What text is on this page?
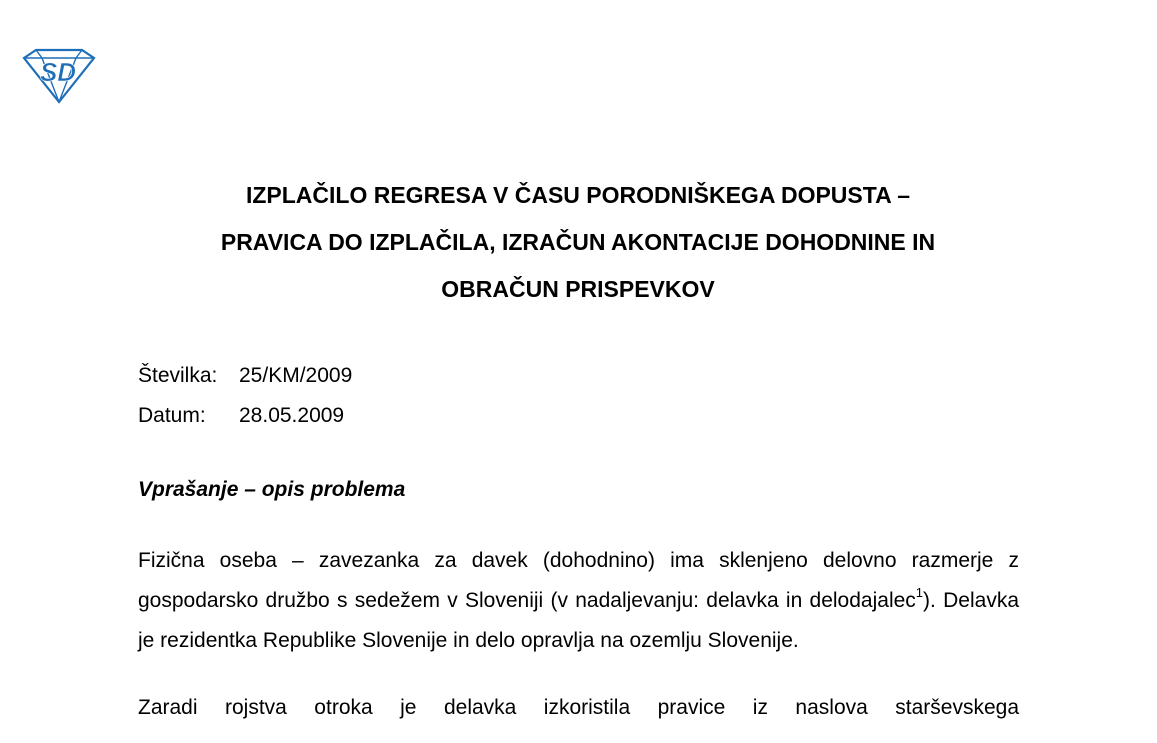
SD
IZPLAČILO REGRESA V ČASU PORODNIŠKEGA DOPUSTA –
PRAVICA DO IZPLAČILA, IZRAČUN AKONTACIJE DOHODNINE IN
OBRAČUN PRISPEVKOV
Številka:	25/KM/2009
Datum:	28.05.2009
Vprašanje – opis problema

Fizična oseba – zavezanka za davek (dohodnino) ima sklenjeno delovno razmerje z gospodarsko družbo s sedežem v Sloveniji (v nadaljevanju: delavka in delodajalec$^1$). Delavka je rezidentka Republike Slovenije in delo opravlja na ozemlju Slovenije.

Zaradi rojstva otroka je delavka izkoristila pravice iz naslova starševskega
